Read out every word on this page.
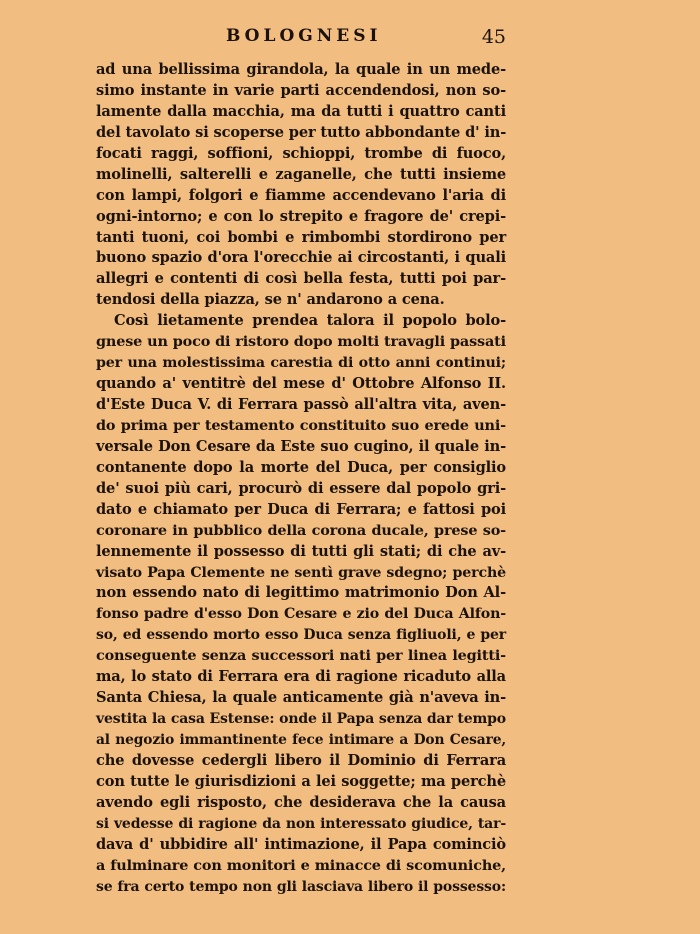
BOLOGNESI	45
ad una bellissima girandola, la quale in un mede-
simo instante in varie parti accendendosi, non so-
lamente dalla macchia, ma da tutti i quattro canti
del tavolato si scoperse per tutto abbondante d' in-
focati raggi, soffioni, schioppi, trombe di fuoco,
molinelli, salterelli e zaganelle, che tutti insieme
con lampi, folgori e fiamme accendevano l'aria di
ogni-intorno; e con lo strepito e fragore de' crepi-
tanti tuoni, coi bombi e rimbombi stordirono per
buono spazio d'ora l'orecchie ai circostanti, i quali
allegri e contenti di così bella festa, tutti poi par-
tendosi della piazza, se n' andarono a cena.
Così lietamente prendea talora il popolo bolo-
gnese un poco di ristoro dopo molti travagli passati
per una molestissima carestia di otto anni continui;
quando a' ventitrè del mese d' Ottobre Alfonso II.
d'Este Duca V. di Ferrara passò all'altra vita, aven-
do prima per testamento constituito suo erede uni-
versale Don Cesare da Este suo cugino, il quale in-
contanente dopo la morte del Duca, per consiglio
de' suoi più cari, procurò di essere dal popolo gri-
dato e chiamato per Duca di Ferrara; e fattosi poi
coronare in pubblico della corona ducale, prese so-
lennemente il possesso di tutti gli stati; di che av-
visato Papa Clemente ne sentì grave sdegno; perchè
non essendo nato di legittimo matrimonio Don Al-
fonso padre d'esso Don Cesare e zio del Duca Alfon-
so, ed essendo morto esso Duca senza figliuoli, e per
conseguente senza successori nati per linea legitti-
ma, lo stato di Ferrara era di ragione ricaduto alla
Santa Chiesa, la quale anticamente già n'aveva in-
vestita la casa Estense: onde il Papa senza dar tempo
al negozio immantinente fece intimare a Don Cesare,
che dovesse cedergli libero il Dominio di Ferrara
con tutte le giurisdizioni a lei soggette; ma perchè
avendo egli risposto, che desiderava che la causa
si vedesse di ragione da non interessato giudice, tar-
dava d' ubbidire all' intimazione, il Papa cominciò
a fulminare con monitori e minacce di scomuniche,
se fra certo tempo non gli lasciava libero il possesso:
